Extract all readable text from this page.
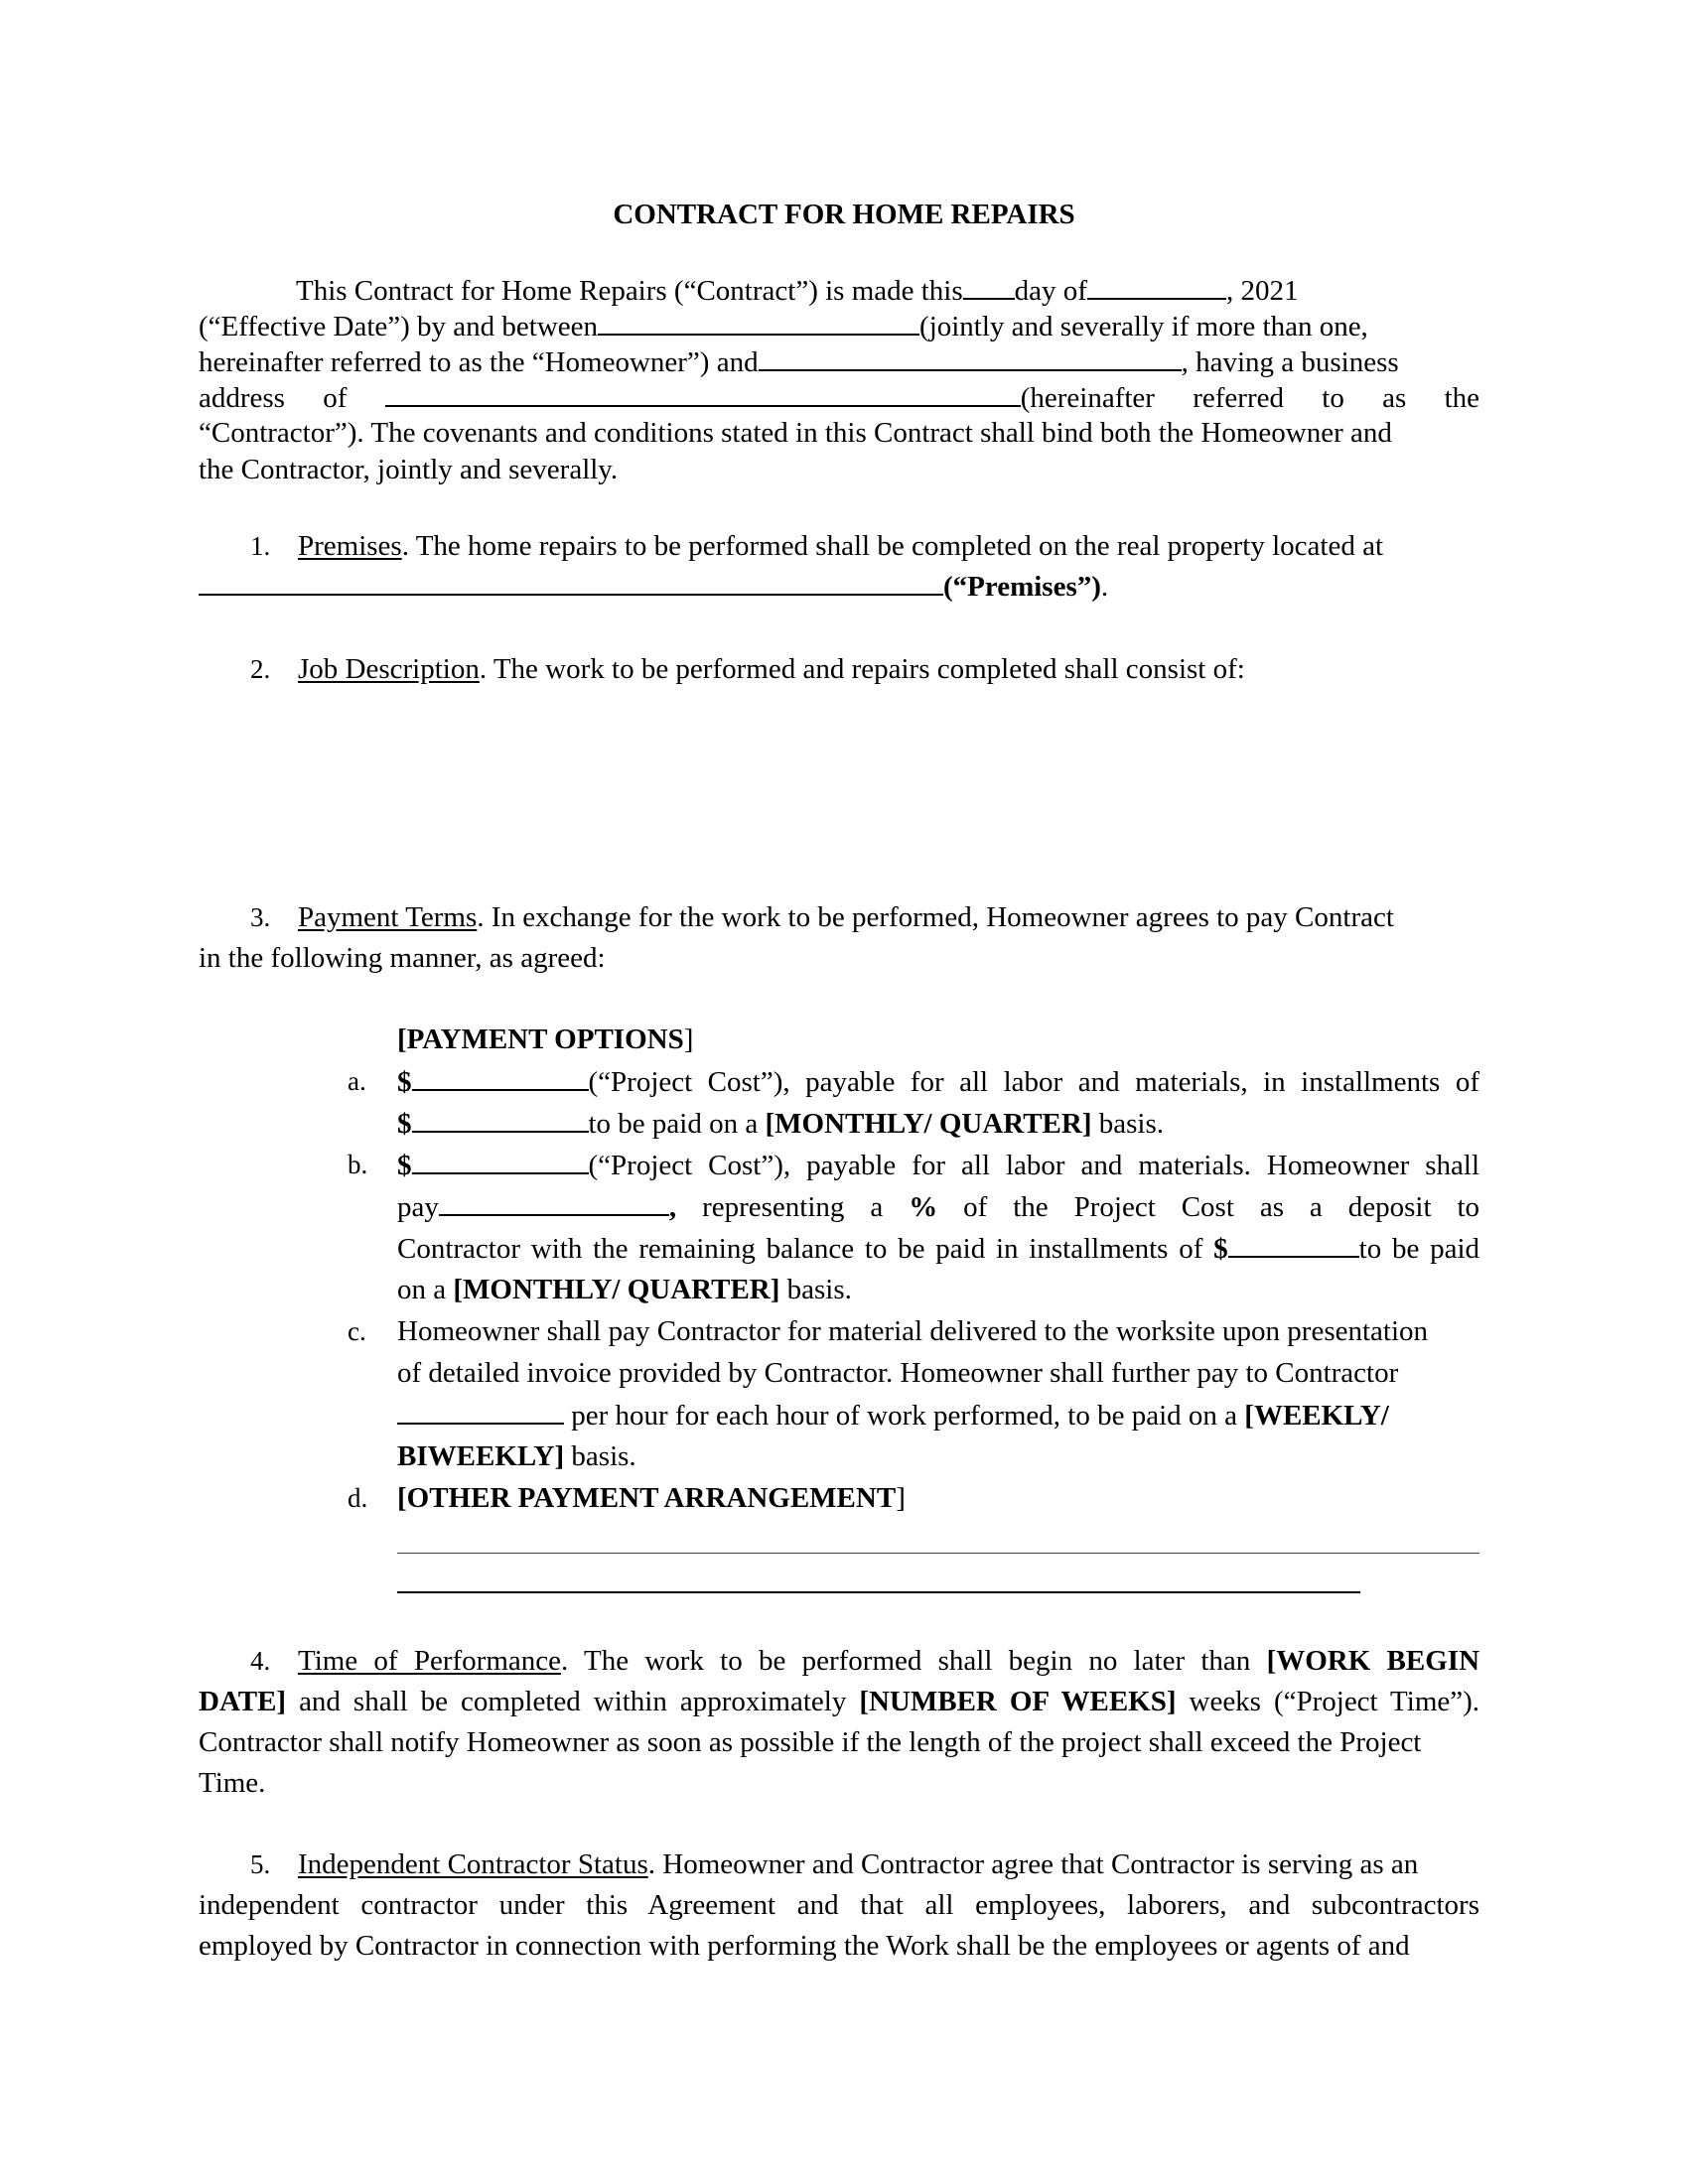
CONTRACT FOR HOME REPAIRS
This Contract for Home Repairs (“Contract”) is made this day of	, 2021
(“Effective Date”) by and between	(jointly and severally if more than one,
hereinafter referred to as the “Homeowner”) and	, having a business
address of	(hereinafter referred to as the
“Contractor”). The covenants and conditions stated in this Contract shall bind both the Homeowner and
the Contractor, jointly and severally.
1. Premises. The home repairs to be performed shall be completed on the real property located at
(“Premises”).
2. Job Description. The work to be performed and repairs completed shall consist of:
3. Payment Terms. In exchange for the work to be performed, Homeowner agrees to pay Contract
in the following manner, as agreed:
[PAYMENT OPTIONS]
a. $	(“Project Cost”), payable for all labor and materials, in installments of
$	to be paid on a [MONTHLY/ QUARTER] basis.
b. $	(“Project Cost”), payable for all labor and materials. Homeowner shall
pay	, representing a % of the Project Cost as a deposit to
Contractor with the remaining balance to be paid in installments of $	to be paid
on a [MONTHLY/ QUARTER] basis.
c. Homeowner shall pay Contractor for material delivered to the worksite upon presentation
of detailed invoice provided by Contractor. Homeowner shall further pay to Contractor
per hour for each hour of work performed, to be paid on a [WEEKLY/
BIWEEKLY] basis.
d. [OTHER PAYMENT ARRANGEMENT]
4. Time of Performance. The work to be performed shall begin no later than [WORK BEGIN
DATE] and shall be completed within approximately [NUMBER OF WEEKS] weeks (“Project Time”).
Contractor shall notify Homeowner as soon as possible if the length of the project shall exceed the Project
Time.
5. Independent Contractor Status. Homeowner and Contractor agree that Contractor is serving as an
independent contractor under this Agreement and that all employees, laborers, and subcontractors
employed by Contractor in connection with performing the Work shall be the employees or agents of and
